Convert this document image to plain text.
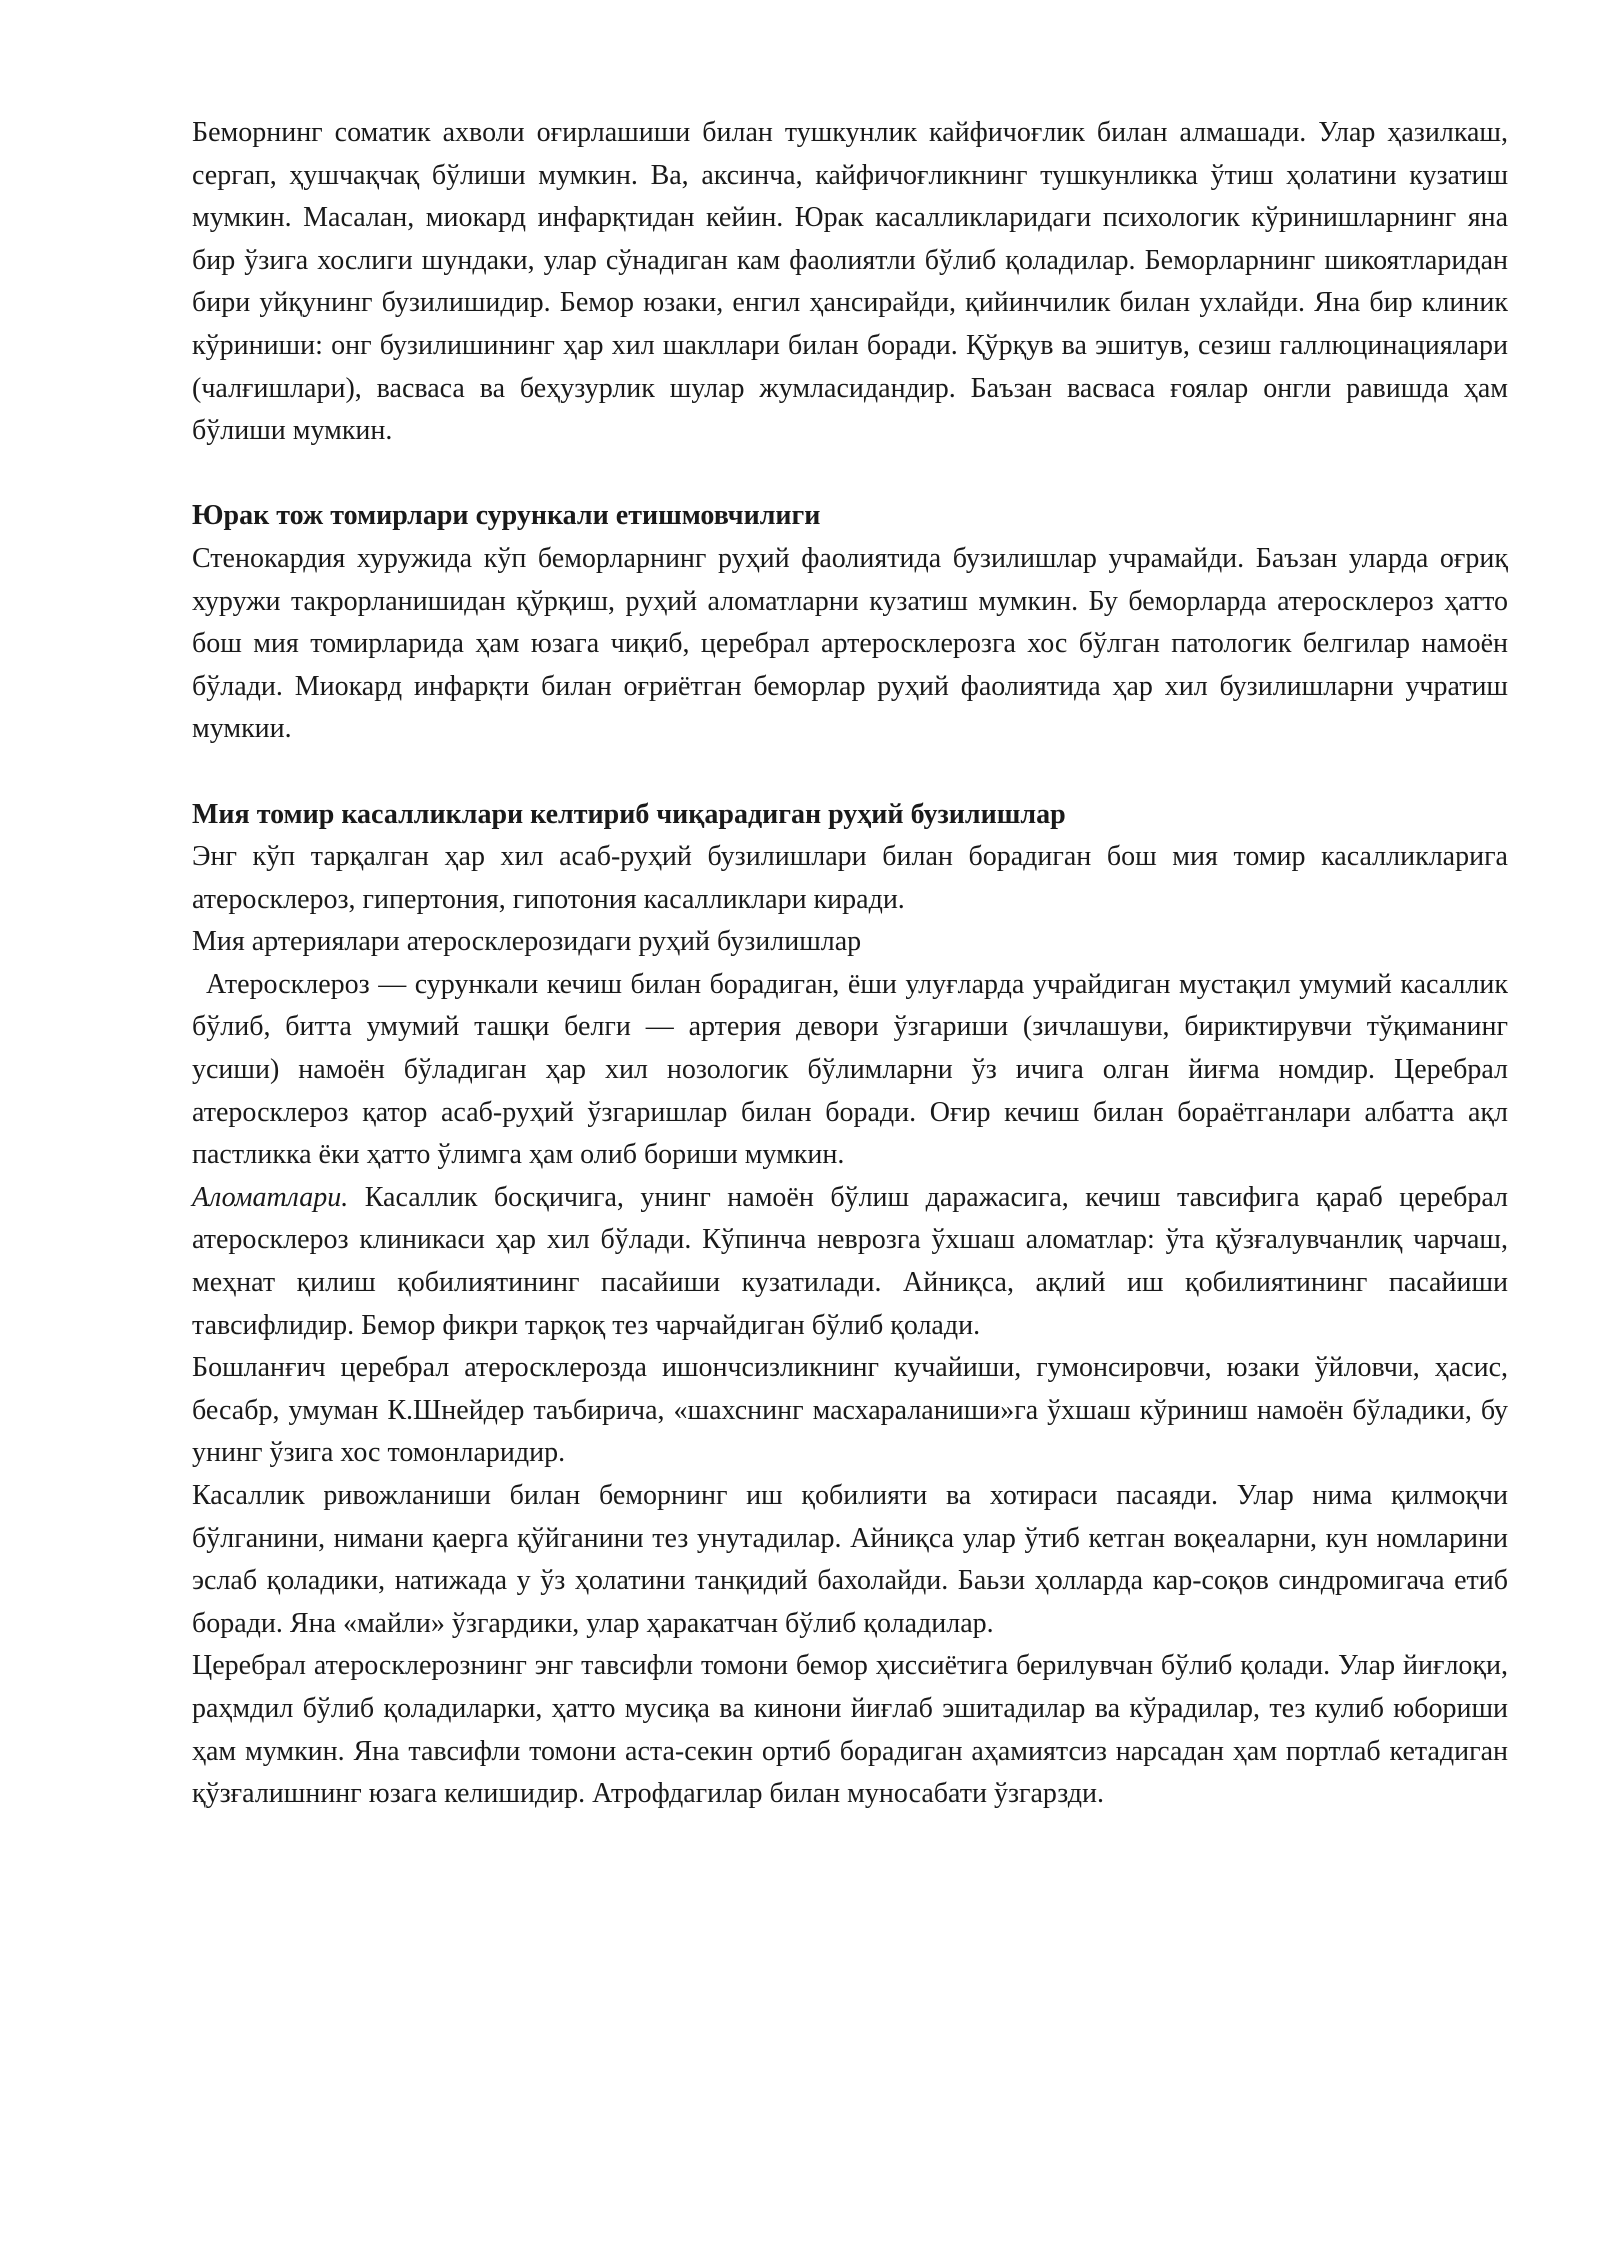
Беморнинг соматик ахволи оғирлашиши билан тушкунлик кайфичоғлик билан алмашади. Улар ҳазилкаш, сергап, ҳушчақчақ бўлиши мумкин. Ва, аксинча, кайфичоғликнинг тушкунликка ўтиш ҳолатини кузатиш мумкин. Масалан, миокард инфарқтидан кейин. Юрак касалликларидаги психологик кўринишларнинг яна бир ўзига хослиги шундаки, улар сўнадиган кам фаолиятли бўлиб қоладилар. Беморларнинг шикоятларидан бири уйқунинг бузилишидир. Бемор юзаки, енгил ҳансирайди, қийинчилик билан ухлайди. Яна бир клиник кўриниши: онг бузилишининг ҳар хил шакллари билан боради. Қўрқув ва эшитув, сезиш галлюцинациялари (чалғишлари), васваса ва беҳузурлик шулар жумласидандир. Баъзан васваса ғоялар онгли равишда ҳам бўлиши мумкин.

Юрак тож томирлари сурункали етишмовчилиги

Стенокардия хуружида кўп беморларнинг руҳий фаолиятида бузилишлар учрамайди. Баъзан уларда оғриқ хуружи такрорланишидан қўрқиш, руҳий аломатларни кузатиш мумкин. Бу беморларда атеросклероз ҳатто бош мия томирларида ҳам юзага чиқиб, церебрал артеросклерозга хос бўлган патологик белгилар намоён бўлади. Миокард инфарқти билан оғриётган беморлар руҳий фаолиятида ҳар хил бузилишларни учратиш мумкии.

Мия томир касалликлари келтириб чиқарадиган руҳий бузилишлар

Энг кўп тарқалган ҳар хил асаб-руҳий бузилишлари билан борадиган бош мия томир касалликларига атеросклероз, гипертония, гипотония касалликлари киради.

Мия артериялари атеросклерозидаги руҳий бузилишлар

Атеросклероз — сурункали кечиш билан борадиган, ёши улуғларда учрайдиган мустақил умумий касаллик бўлиб, битта умумий ташқи белги — артерия девори ўзгариши (зичлашуви, бириктирувчи тўқиманинг усиши) намоён бўладиган ҳар хил нозологик бўлимларни ўз ичига олган йиғма номдир. Церебрал атеросклероз қатор асаб-руҳий ўзгаришлар билан боради. Оғир кечиш билан бораётганлари албатта ақл пастликка ёки ҳатто ўлимга ҳам олиб бориши мумкин.

Аломатлари. Касаллик босқичига, унинг намоён бўлиш даражасига, кечиш тавсифига қараб церебрал атеросклероз клиникаси ҳар хил бўлади. Кўпинча неврозга ўхшаш аломатлар: ўта қўзғалувчанлиқ чарчаш, меҳнат қилиш қобилиятининг пасайиши кузатилади. Айниқса, ақлий иш қобилиятининг пасайиши тавсифлидир. Бемор фикри тарқоқ тез чарчайдиган бўлиб қолади.

Бошланғич церебрал атеросклерозда ишончсизликнинг кучайиши, гумонсировчи, юзаки ўйловчи, ҳасис, бесабр, умуман К.Шнейдер таъбирича, «шахснинг масхараланиши»га ўхшаш кўриниш намоён бўладики, бу унинг ўзига хос томонларидир.

Касаллик ривожланиши билан беморнинг иш қобилияти ва хотираси пасаяди. Улар нима қилмоқчи бўлганини, нимани қаерга қўйганини тез унутадилар. Айниқса улар ўтиб кетган воқеаларни, кун номларини эслаб қоладики, натижада у ўз ҳолатини танқидий бахолайди. Баьзи ҳолларда кар-соқов синдромигача етиб боради. Яна «майли» ўзгардики, улар ҳаракатчан бўлиб қоладилар.

Церебрал атеросклерознинг энг тавсифли томони бемор ҳиссиётига берилувчан бўлиб қолади. Улар йиғлоқи, раҳмдил бўлиб қоладиларки, ҳатто мусиқа ва кинони йиғлаб эшитадилар ва кўрадилар, тез кулиб юбориши ҳам мумкин. Яна тавсифли томони аста-секин ортиб борадиган аҳамиятсиз нарсадан ҳам портлаб кетадиган қўзғалишнинг юзага келишидир. Атрофдагилар билан муносабати ўзгарзди.
